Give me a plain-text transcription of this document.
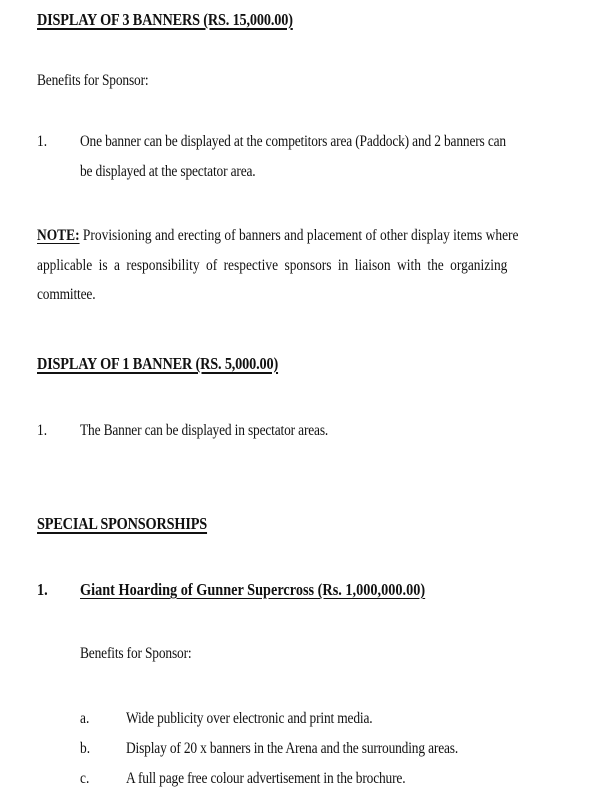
DISPLAY OF 3 BANNERS (RS. 15,000.00)
Benefits for Sponsor:
1. One banner can be displayed at the competitors area (Paddock) and 2 banners can
be displayed at the spectator area.
NOTE: Provisioning and erecting of banners and placement of other display items where
applicable is a responsibility of respective sponsors in liaison with the organizing
committee.
DISPLAY OF 1 BANNER (RS. 5,000.00)
1. The Banner can be displayed in spectator areas.
SPECIAL SPONSORSHIPS
1. Giant Hoarding of Gunner Supercross (Rs. 1,000,000.00)
Benefits for Sponsor:
a. Wide publicity over electronic and print media.
b. Display of 20 x banners in the Arena and the surrounding areas.
c. A full page free colour advertisement in the brochure.
